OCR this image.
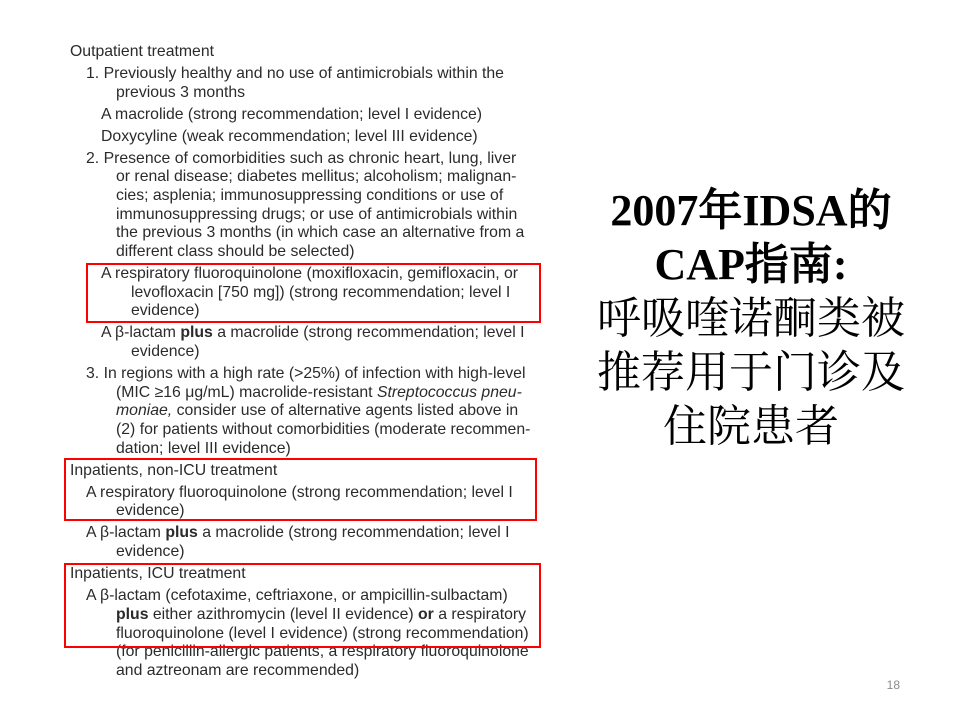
Outpatient treatment
1. Previously healthy and no use of antimicrobials within the
previous 3 months
A macrolide (strong recommendation; level I evidence)
Doxycyline (weak recommendation; level III evidence)
2. Presence of comorbidities such as chronic heart, lung, liver
or renal disease; diabetes mellitus; alcoholism; malignan-
cies; asplenia; immunosuppressing conditions or use of
immunosuppressing drugs; or use of antimicrobials within
the previous 3 months (in which case an alternative from a
different class should be selected)
A respiratory fluoroquinolone (moxifloxacin, gemifloxacin, or
levofloxacin [750 mg]) (strong recommendation; level I
evidence)
A β-lactam plus a macrolide (strong recommendation; level I
evidence)
3. In regions with a high rate (>25%) of infection with high-level
(MIC ≥16 μg/mL) macrolide-resistant Streptococcus pneu-
moniae, consider use of alternative agents listed above in
(2) for patients without comorbidities (moderate recommen-
dation; level III evidence)
Inpatients, non-ICU treatment
A respiratory fluoroquinolone (strong recommendation; level I
evidence)
A β-lactam plus a macrolide (strong recommendation; level I
evidence)
Inpatients, ICU treatment
A β-lactam (cefotaxime, ceftriaxone, or ampicillin-sulbactam)
plus either azithromycin (level II evidence) or a respiratory
fluoroquinolone (level I evidence) (strong recommendation)
(for penicillin-allergic patients, a respiratory fluoroquinolone
and aztreonam are recommended)
2007年IDSA的
CAP指南:
呼吸喹诺酮类被
推荐用于门诊及
住院患者
18
